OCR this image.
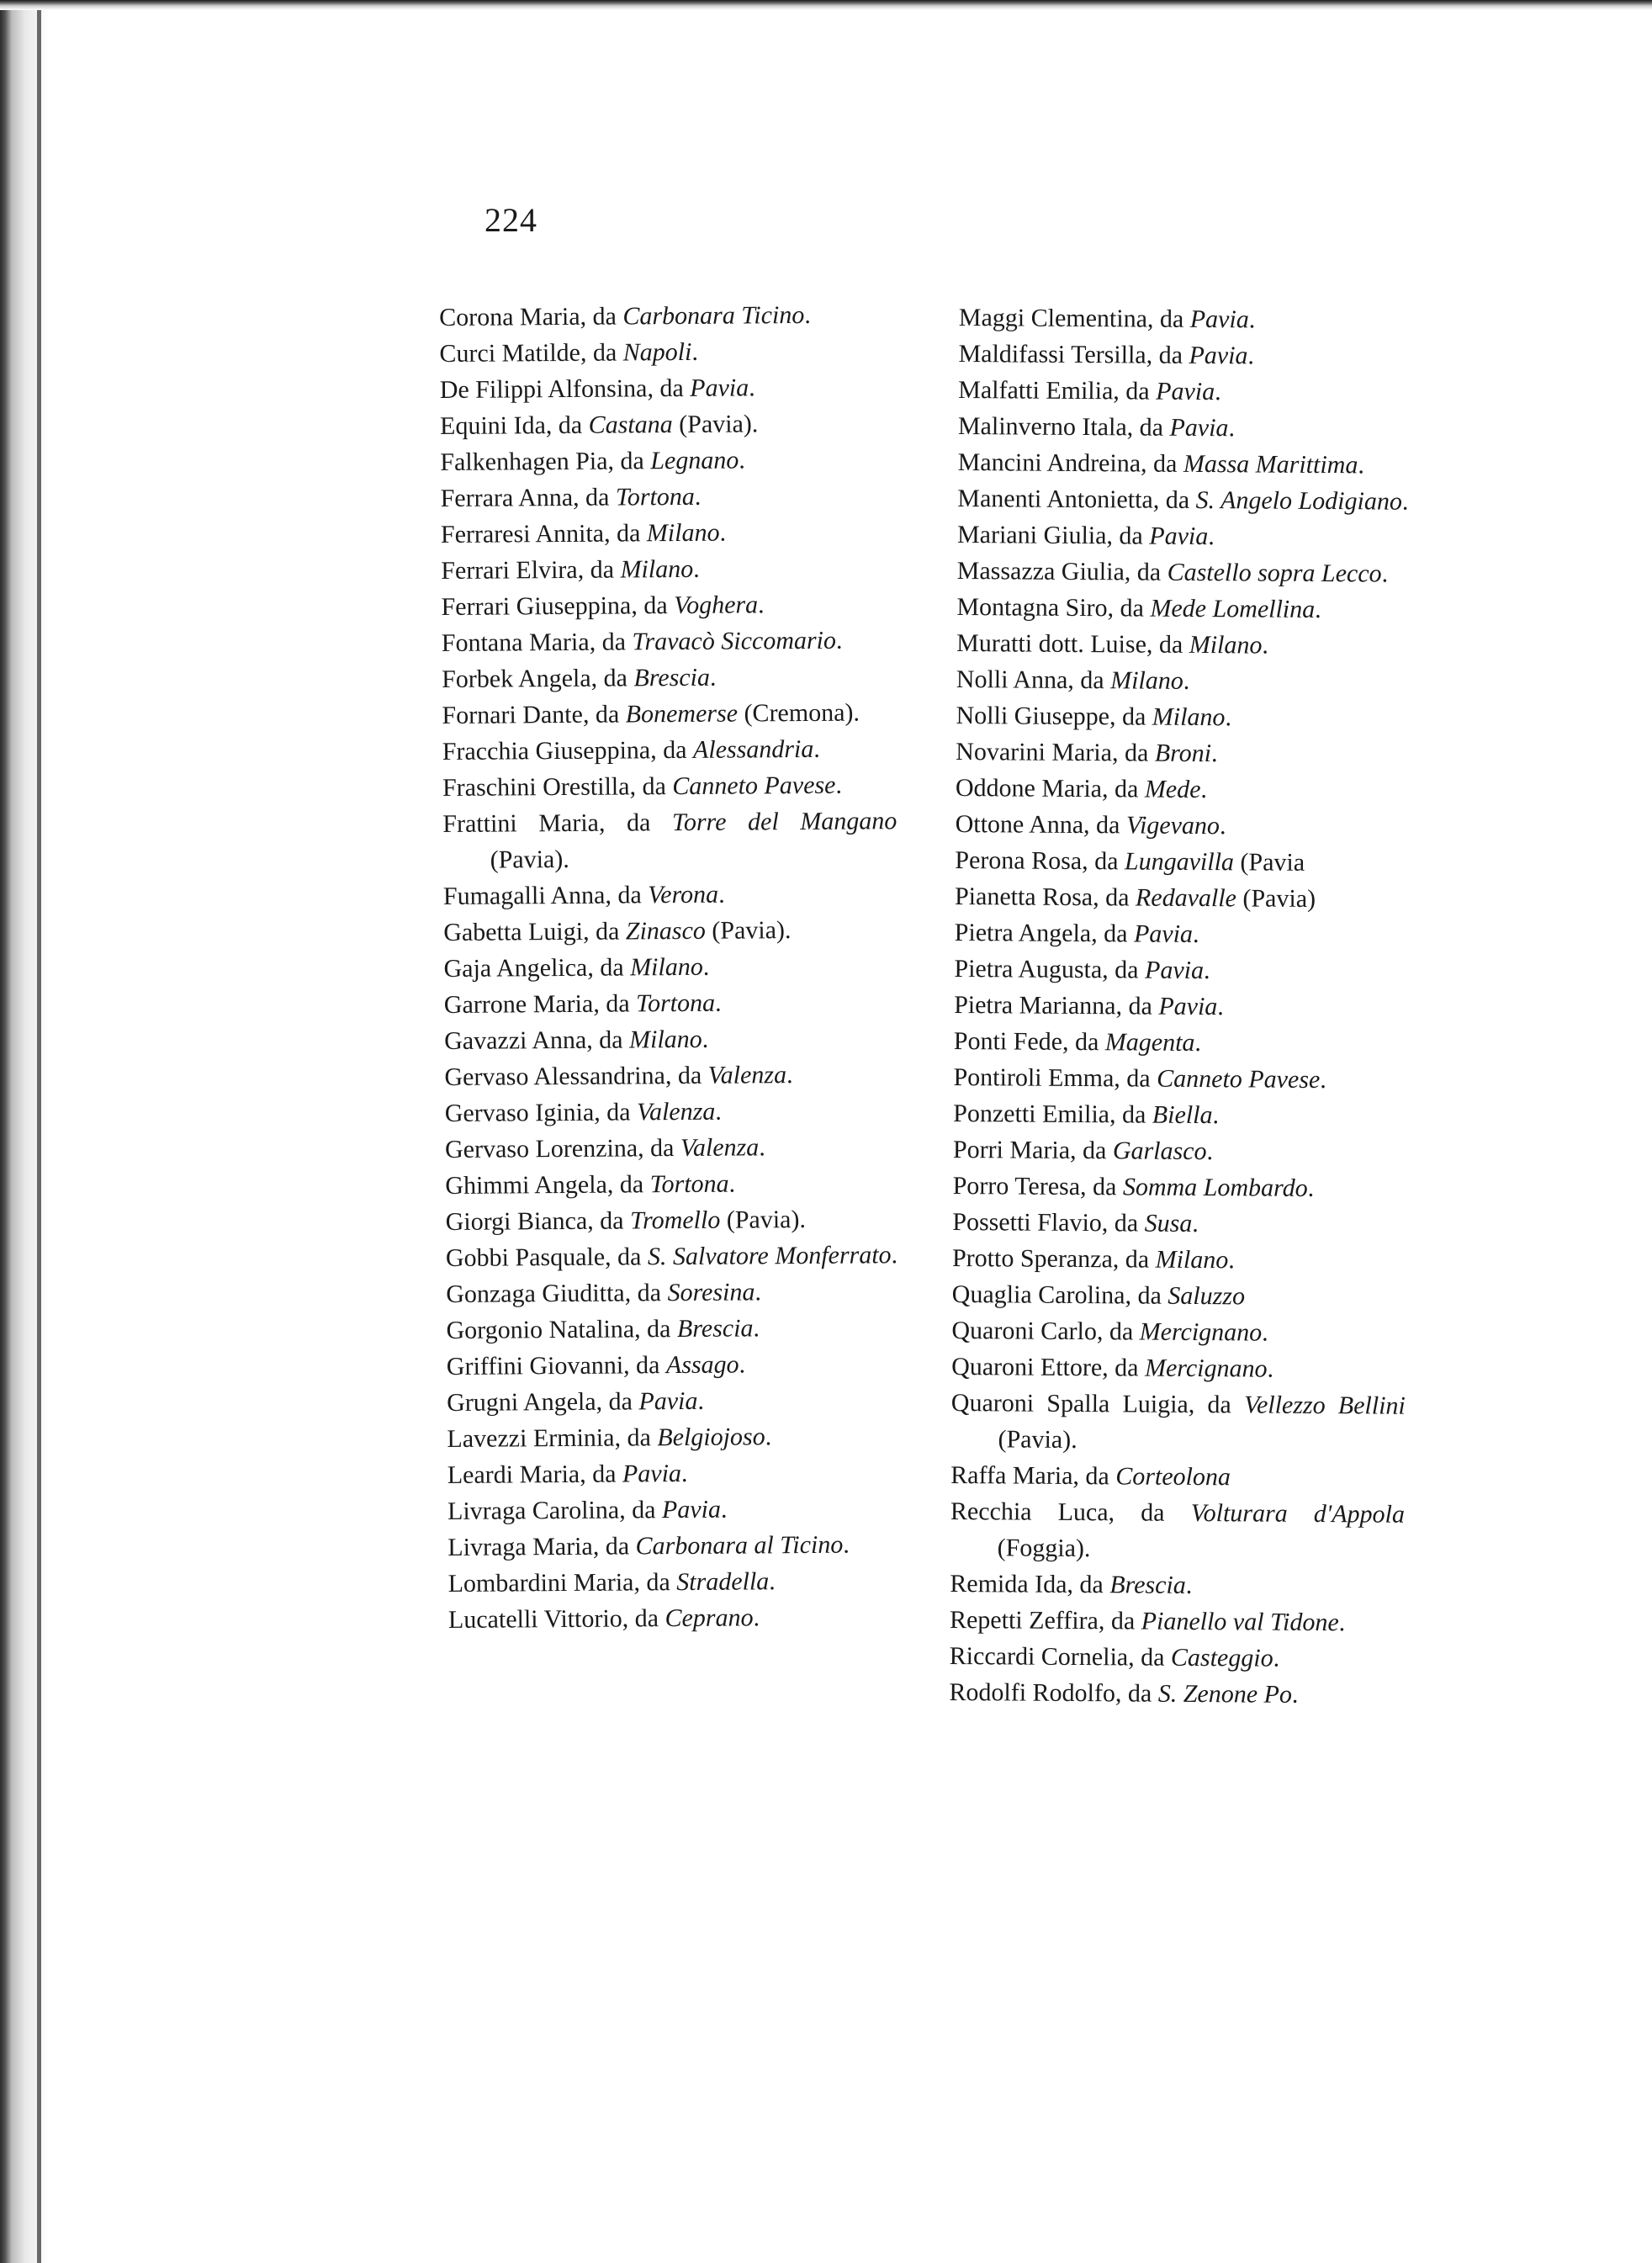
224
Corona Maria, da Carbonara Ticino.
Curci Matilde, da Napoli.
De Filippi Alfonsina, da Pavia.
Equini Ida, da Castana (Pavia).
Falkenhagen Pia, da Legnano.
Ferrara Anna, da Tortona.
Ferraresi Annita, da Milano.
Ferrari Elvira, da Milano.
Ferrari Giuseppina, da Voghera.
Fontana Maria, da Travacò Siccomario.
Forbek Angela, da Brescia.
Fornari Dante, da Bonemerse (Cremona).
Fracchia Giuseppina, da Alessandria.
Fraschini Orestilla, da Canneto Pavese.
Frattini Maria, da Torre del Mangano (Pavia).
Fumagalli Anna, da Verona.
Gabetta Luigi, da Zinasco (Pavia).
Gaja Angelica, da Milano.
Garrone Maria, da Tortona.
Gavazzi Anna, da Milano.
Gervaso Alessandrina, da Valenza.
Gervaso Iginia, da Valenza.
Gervaso Lorenzina, da Valenza.
Ghimmi Angela, da Tortona.
Giorgi Bianca, da Tromello (Pavia).
Gobbi Pasquale, da S. Salvatore Monferrato.
Gonzaga Giuditta, da Soresina.
Gorgonio Natalina, da Brescia.
Griffini Giovanni, da Assago.
Grugni Angela, da Pavia.
Lavezzi Erminia, da Belgiojoso.
Leardi Maria, da Pavia.
Livraga Carolina, da Pavia.
Livraga Maria, da Carbonara al Ticino.
Lombardini Maria, da Stradella.
Lucatelli Vittorio, da Ceprano.
Maggi Clementina, da Pavia.
Maldifassi Tersilla, da Pavia.
Malfatti Emilia, da Pavia.
Malinverno Itala, da Pavia.
Mancini Andreina, da Massa Marittima.
Manenti Antonietta, da S. Angelo Lodigiano.
Mariani Giulia, da Pavia.
Massazza Giulia, da Castello sopra Lecco.
Montagna Siro, da Mede Lomellina.
Muratti dott. Luise, da Milano.
Nolli Anna, da Milano.
Nolli Giuseppe, da Milano.
Novarini Maria, da Broni.
Oddone Maria, da Mede.
Ottone Anna, da Vigevano.
Perona Rosa, da Lungavilla (Pavia
Pianetta Rosa, da Redavalle (Pavia)
Pietra Angela, da Pavia.
Pietra Augusta, da Pavia.
Pietra Marianna, da Pavia.
Ponti Fede, da Magenta.
Pontiroli Emma, da Canneto Pavese.
Ponzetti Emilia, da Biella.
Porri Maria, da Garlasco.
Porro Teresa, da Somma Lombardo.
Possetti Flavio, da Susa.
Protto Speranza, da Milano.
Quaglia Carolina, da Saluzzo
Quaroni Carlo, da Mercignano.
Quaroni Ettore, da Mercignano.
Quaroni Spalla Luigia, da Vellezzo Bellini (Pavia).
Raffa Maria, da Corteolona
Recchia Luca, da Volturara d'Appola (Foggia).
Remida Ida, da Brescia.
Repetti Zeffira, da Pianello val Tidone.
Riccardi Cornelia, da Casteggio.
Rodolfi Rodolfo, da S. Zenone Po.
